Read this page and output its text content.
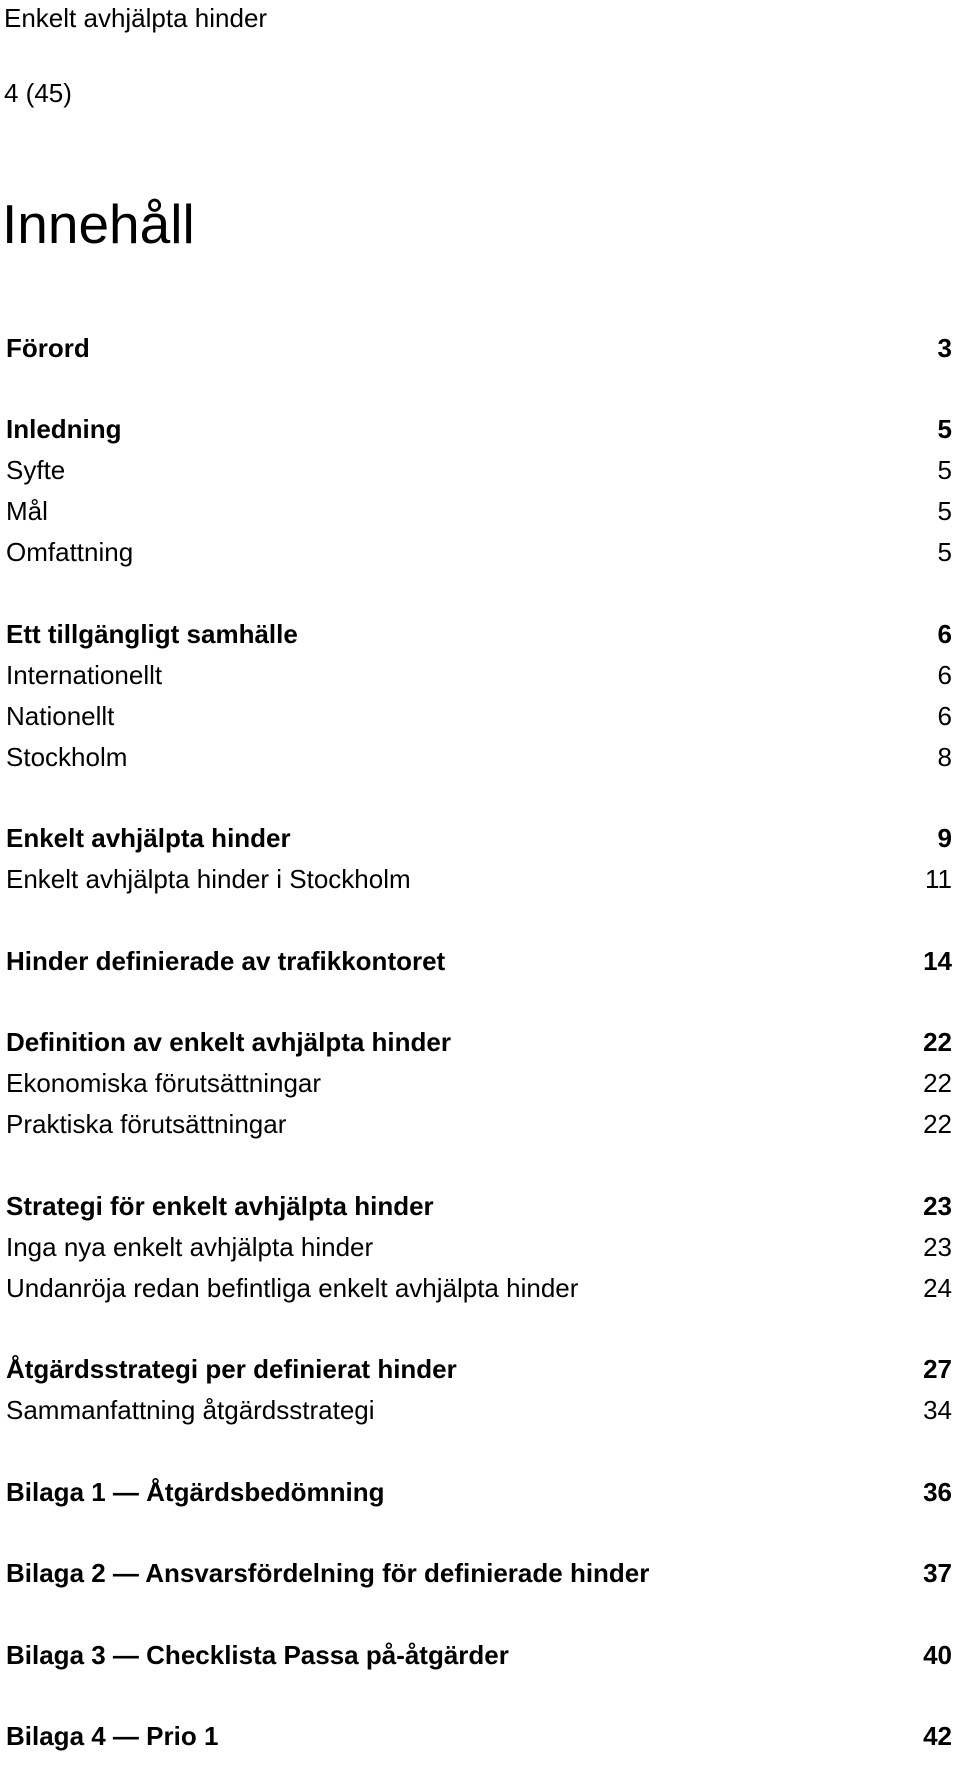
Enkelt avhjälpta hinder
4 (45)
Innehåll
Förord	3
Inledning	5
Syfte	5
Mål	5
Omfattning	5
Ett tillgängligt samhälle	6
Internationellt	6
Nationellt	6
Stockholm	8
Enkelt avhjälpta hinder	9
Enkelt avhjälpta hinder i Stockholm	11
Hinder definierade av trafikkontoret	14
Definition av enkelt avhjälpta hinder	22
Ekonomiska förutsättningar	22
Praktiska förutsättningar	22
Strategi för enkelt avhjälpta hinder	23
Inga nya enkelt avhjälpta hinder	23
Undanröja redan befintliga enkelt avhjälpta hinder	24
Åtgärdsstrategi per definierat hinder	27
Sammanfattning åtgärdsstrategi	34
Bilaga 1 — Åtgärdsbedömning	36
Bilaga 2 — Ansvarsfördelning för definierade hinder	37
Bilaga 3 — Checklista Passa på-åtgärder	40
Bilaga 4 — Prio 1	42
